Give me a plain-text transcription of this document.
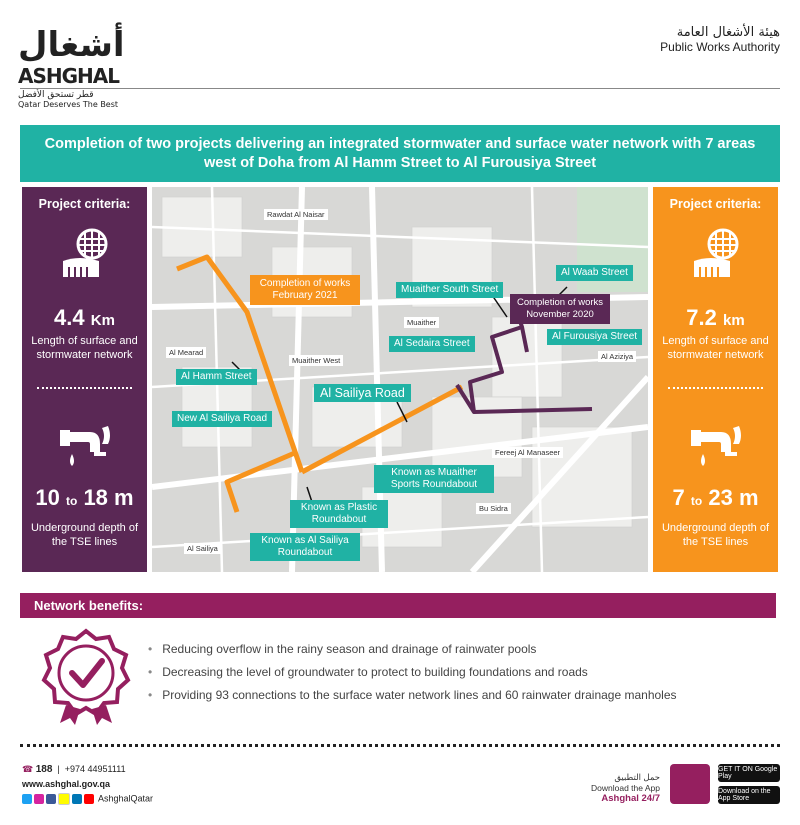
أشغال
ASHGHAL
قطر تستحق الأفضل
Qatar Deserves The Best
هيئة الأشغال العامة
Public Works Authority
Completion of two projects delivering an integrated stormwater and surface water network with 7 areas west of Doha from Al Hamm Street to Al Furousiya Street
Project criteria:
4.4 Km
Length of surface and stormwater network
10 to 18 m
Underground depth of the TSE lines
Rawdat Al Naisar
Al Mearad
Muaither West
Muaither
Al Aziziya
Fereej Al Manaseer
Bu Sidra
Al Sailiya
Al Waab Street
Muaither South Street
Al Sedaira Street
Al Furousiya Street
Al Hamm Street
New Al Sailiya Road
Al Sailiya Road
Known as Muaither Sports Roundabout
Known as Plastic Roundabout
Known as Al Sailiya Roundabout
Completion of works February 2021
Completion of works November 2020
Project criteria:
7.2 km
Length of surface and stormwater network
7 to 23 m
Underground depth of the TSE lines
Network benefits:
• Reducing overflow in the rainy season and drainage of rainwater pools
• Decreasing the level of groundwater to protect to building foundations and roads
• Providing 93 connections to the surface water network lines and 60 rainwater drainage manholes
☎ 188  |  +974 44951111
www.ashghal.gov.qa
AshghalQatar
حمل التطبيق
Download the App
Ashghal 24/7
GET IT ON Google Play
Download on the App Store
